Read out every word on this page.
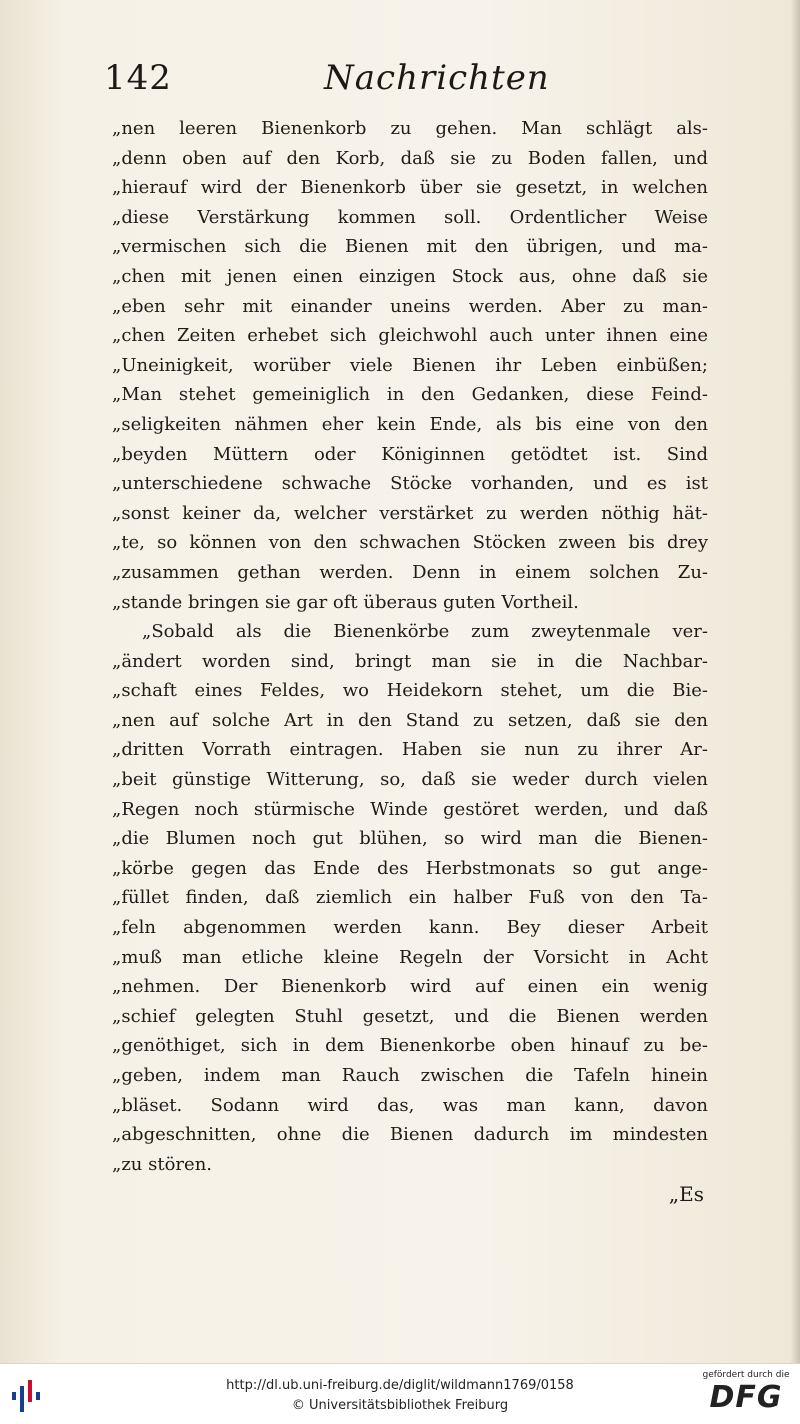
142	Nachrichten
„nen leeren Bienenkorb zu gehen. Man schlägt als-
„denn oben auf den Korb, daß sie zu Boden fallen, und
„hierauf wird der Bienenkorb über sie gesetzt, in welchen
„diese Verstärkung kommen soll. Ordentlicher Weise
„vermischen sich die Bienen mit den übrigen, und ma-
„chen mit jenen einen einzigen Stock aus, ohne daß sie
„eben sehr mit einander uneins werden. Aber zu man-
„chen Zeiten erhebet sich gleichwohl auch unter ihnen eine
„Uneinigkeit, worüber viele Bienen ihr Leben einbüßen;
„Man stehet gemeiniglich in den Gedanken, diese Feind-
„seligkeiten nähmen eher kein Ende, als bis eine von den
„beyden Müttern oder Königinnen getödtet ist. Sind
„unterschiedene schwache Stöcke vorhanden, und es ist
„sonst keiner da, welcher verstärket zu werden nöthig hät-
„te, so können von den schwachen Stöcken zween bis drey
„zusammen gethan werden. Denn in einem solchen Zu-
„stande bringen sie gar oft überaus guten Vortheil.
„Sobald als die Bienenkörbe zum zweytenmale ver-
„ändert worden sind, bringt man sie in die Nachbar-
„schaft eines Feldes, wo Heidekorn stehet, um die Bie-
„nen auf solche Art in den Stand zu setzen, daß sie den
„dritten Vorrath eintragen. Haben sie nun zu ihrer Ar-
„beit günstige Witterung, so, daß sie weder durch vielen
„Regen noch stürmische Winde gestöret werden, und daß
„die Blumen noch gut blühen, so wird man die Bienen-
„körbe gegen das Ende des Herbstmonats so gut ange-
„füllet finden, daß ziemlich ein halber Fuß von den Ta-
„feln abgenommen werden kann. Bey dieser Arbeit
„muß man etliche kleine Regeln der Vorsicht in Acht
„nehmen. Der Bienenkorb wird auf einen ein wenig
„schief gelegten Stuhl gesetzt, und die Bienen werden
„genöthiget, sich in dem Bienenkorbe oben hinauf zu be-
„geben, indem man Rauch zwischen die Tafeln hinein
„bläset. Sodann wird das, was man kann, davon
„abgeschnitten, ohne die Bienen dadurch im mindesten
„zu stören.
„Es
http://dl.ub.uni-freiburg.de/diglit/wildmann1769/0158
© Universitätsbibliothek Freiburg
gefördert durch die
DFG
